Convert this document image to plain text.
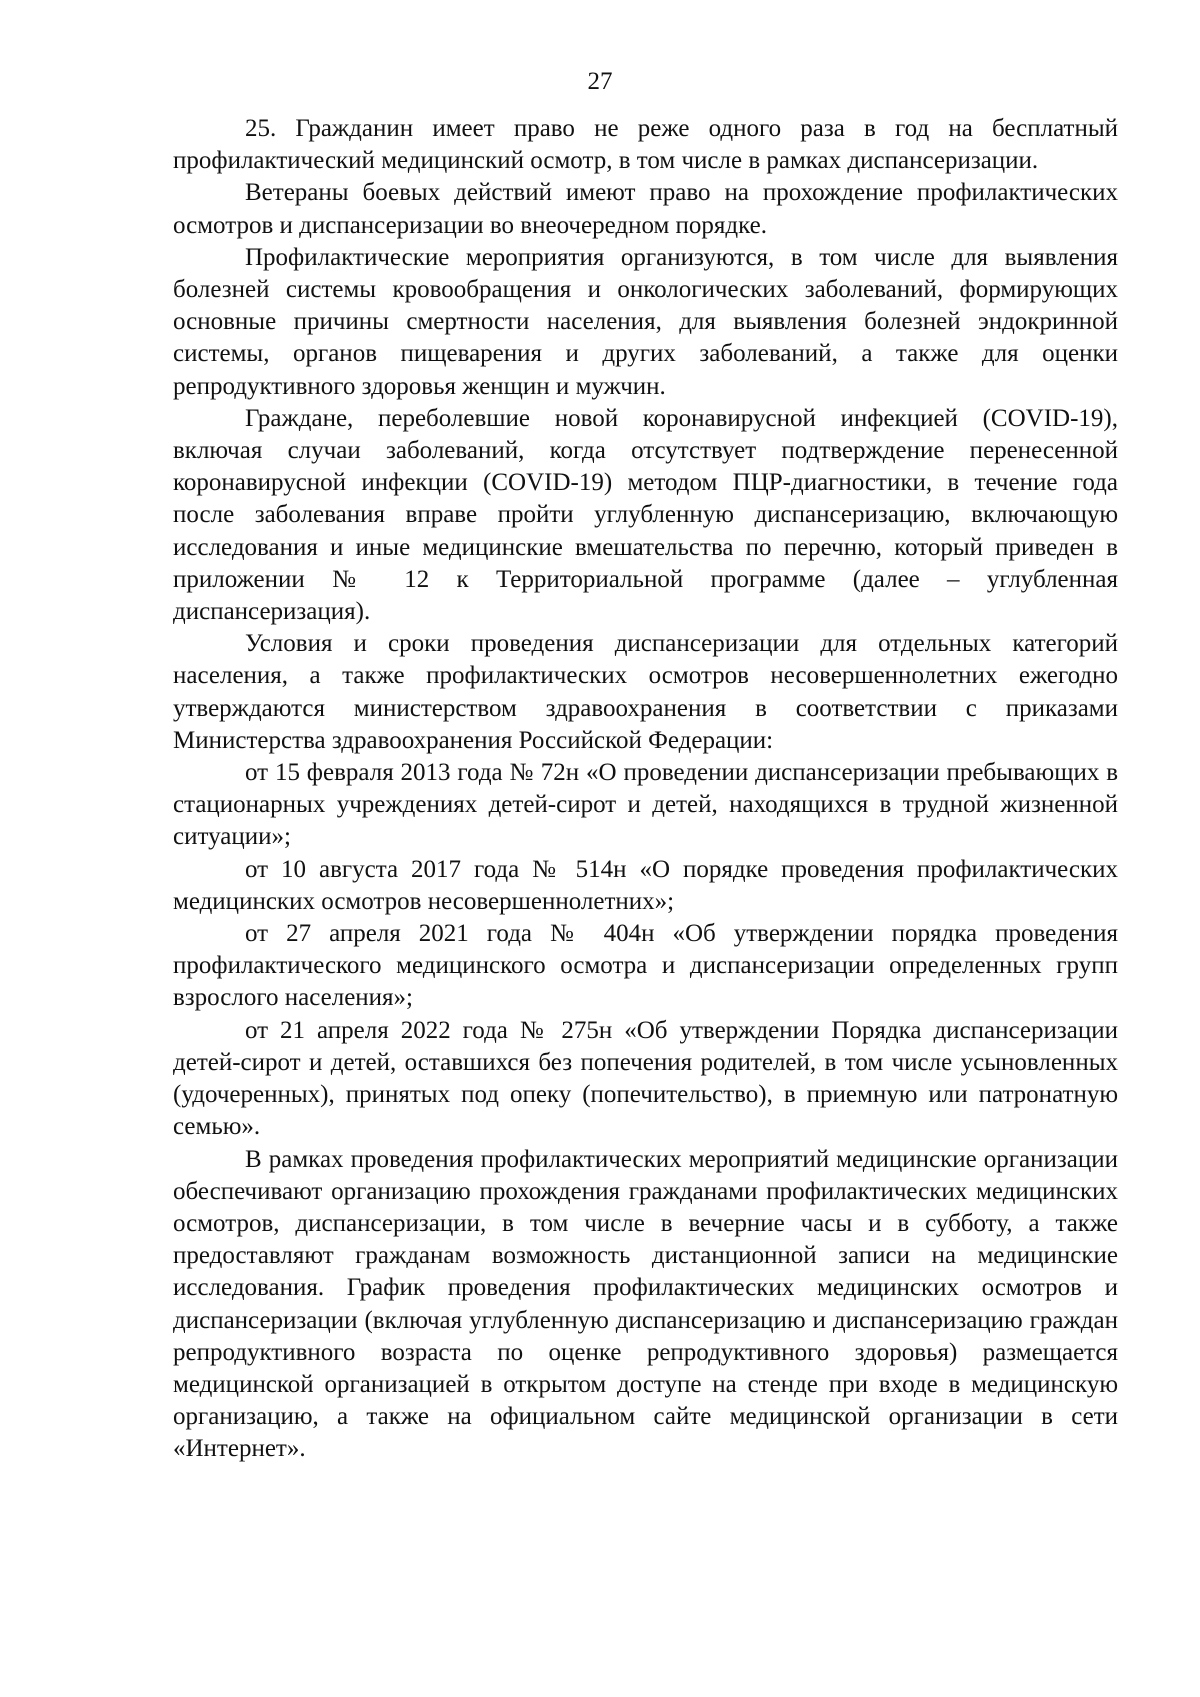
27

25. Гражданин имеет право не реже одного раза в год на бесплатный профилактический медицинский осмотр, в том числе в рамках диспансеризации.

Ветераны боевых действий имеют право на прохождение профилактических осмотров и диспансеризации во внеочередном порядке.

Профилактические мероприятия организуются, в том числе для выявления болезней системы кровообращения и онкологических заболеваний, формирующих основные причины смертности населения, для выявления болезней эндокринной системы, органов пищеварения и других заболеваний, а также для оценки репродуктивного здоровья женщин и мужчин.

Граждане, переболевшие новой коронавирусной инфекцией (COVID-19), включая случаи заболеваний, когда отсутствует подтверждение перенесенной коронавирусной инфекции (COVID-19) методом ПЦР-диагностики, в течение года после заболевания вправе пройти углубленную диспансеризацию, включающую исследования и иные медицинские вмешательства по перечню, который приведен в приложении № 12 к Территориальной программе (далее – углубленная диспансеризация).

Условия и сроки проведения диспансеризации для отдельных категорий населения, а также профилактических осмотров несовершеннолетних ежегодно утверждаются министерством здравоохранения в соответствии с приказами Министерства здравоохранения Российской Федерации:

от 15 февраля 2013 года № 72н «О проведении диспансеризации пребывающих в стационарных учреждениях детей-сирот и детей, находящихся в трудной жизненной ситуации»;

от 10 августа 2017 года № 514н «О порядке проведения профилактических медицинских осмотров несовершеннолетних»;

от 27 апреля 2021 года № 404н «Об утверждении порядка проведения профилактического медицинского осмотра и диспансеризации определенных групп взрослого населения»;

от 21 апреля 2022 года № 275н «Об утверждении Порядка диспансеризации детей-сирот и детей, оставшихся без попечения родителей, в том числе усыновленных (удочеренных), принятых под опеку (попечительство), в приемную или патронатную семью».

В рамках проведения профилактических мероприятий медицинские организации обеспечивают организацию прохождения гражданами профилактических медицинских осмотров, диспансеризации, в том числе в вечерние часы и в субботу, а также предоставляют гражданам возможность дистанционной записи на медицинские исследования. График проведения профилактических медицинских осмотров и диспансеризации (включая углубленную диспансеризацию и диспансеризацию граждан репродуктивного возраста по оценке репродуктивного здоровья) размещается медицинской организацией в открытом доступе на стенде при входе в медицинскую организацию, а также на официальном сайте медицинской организации в сети «Интернет».
